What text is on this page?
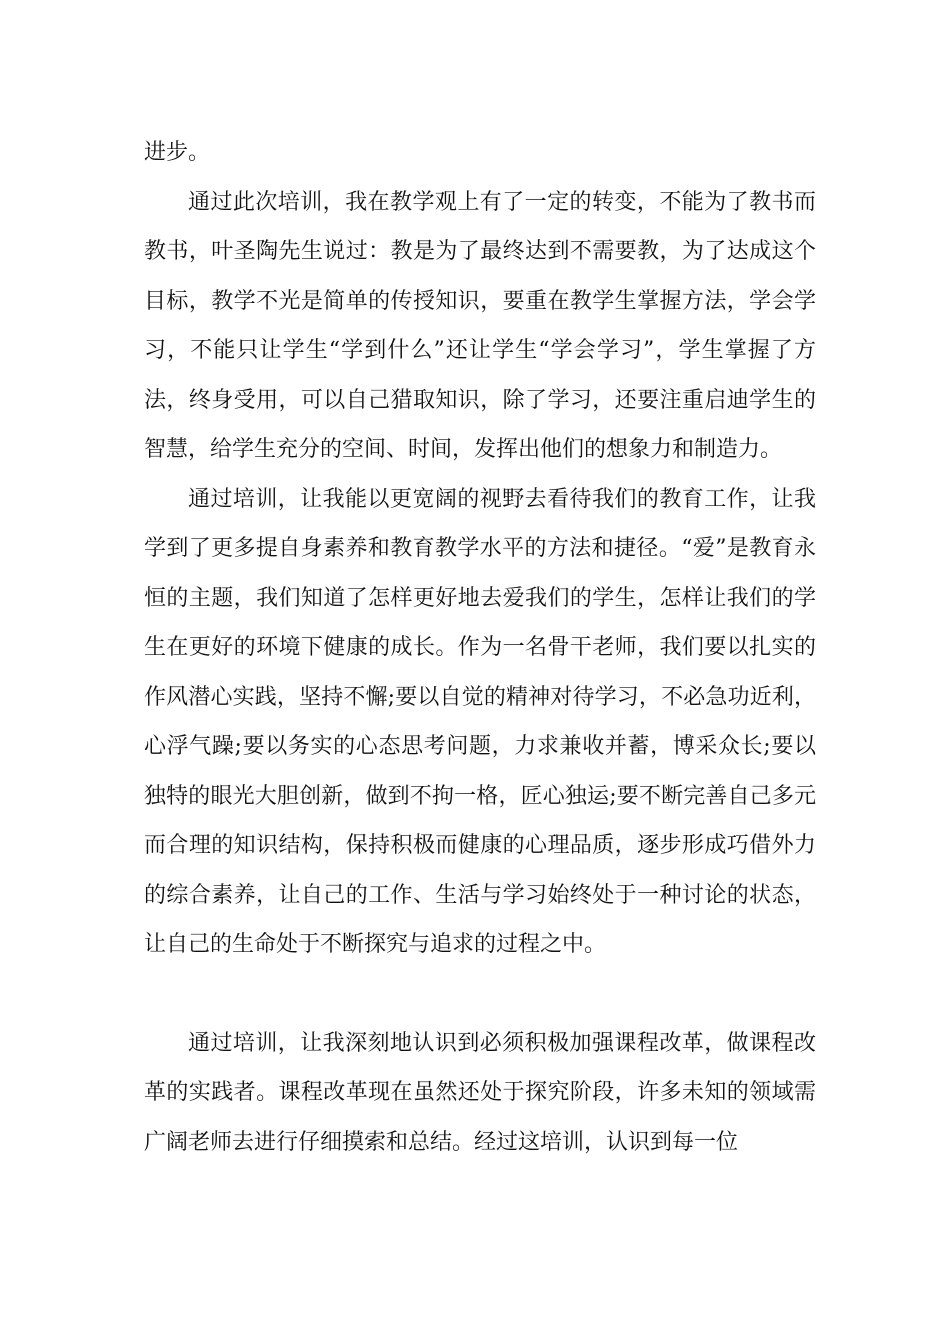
进步。

通过此次培训，我在教学观上有了一定的转变，不能为了教书而教书，叶圣陶先生说过：教是为了最终达到不需要教，为了达成这个目标，教学不光是简单的传授知识，要重在教学生掌握方法，学会学习，不能只让学生“学到什么”还让学生“学会学习”，学生掌握了方法，终身受用，可以自己猎取知识，除了学习，还要注重启迪学生的智慧，给学生充分的空间、时间，发挥出他们的想象力和制造力。

通过培训，让我能以更宽阔的视野去看待我们的教育工作，让我学到了更多提自身素养和教育教学水平的方法和捷径。“爱”是教育永恒的主题，我们知道了怎样更好地去爱我们的学生，怎样让我们的学生在更好的环境下健康的成长。作为一名骨干老师，我们要以扎实的作风潜心实践，坚持不懈;要以自觉的精神对待学习，不必急功近利，心浮气躁;要以务实的心态思考问题，力求兼收并蓄，博采众长;要以独特的眼光大胆创新，做到不拘一格，匠心独运;要不断完善自己多元而合理的知识结构，保持积极而健康的心理品质，逐步形成巧借外力的综合素养，让自己的工作、生活与学习始终处于一种讨论的状态，让自己的生命处于不断探究与追求的过程之中。

通过培训，让我深刻地认识到必须积极加强课程改革，做课程改革的实践者。课程改革现在虽然还处于探究阶段，许多未知的领域需广阔老师去进行仔细摸索和总结。经过这培训，认识到每一位
